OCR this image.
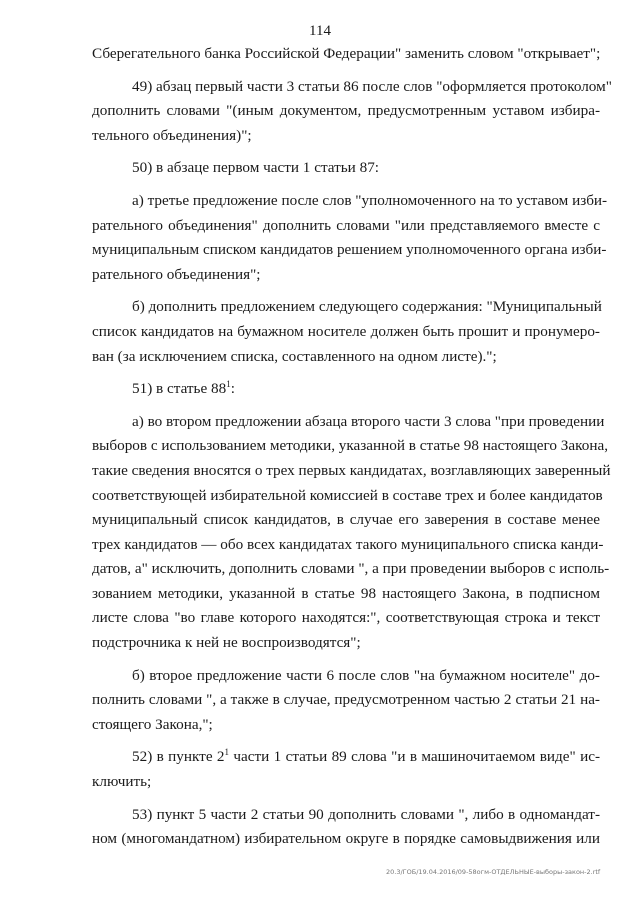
114
Сберегательного банка Российской Федерации" заменить словом "открывает";
49) абзац первый части 3 статьи 86 после слов "оформляется протоколом"
дополнить словами "(иным документом, предусмотренным уставом избира-
тельного объединения)";
50) в абзаце первом части 1 статьи 87:
а) третье предложение после слов "уполномоченного на то уставом изби-
рательного объединения" дополнить словами "или представляемого вместе с
муниципальным списком кандидатов решением уполномоченного органа изби-
рательного объединения";
б) дополнить предложением следующего содержания: "Муниципальный
список кандидатов на бумажном носителе должен быть прошит и пронумеро-
ван (за исключением списка, составленного на одном листе).";
51) в статье $88^1$:
а) во втором предложении абзаца второго части 3 слова "при проведении
выборов с использованием методики, указанной в статье 98 настоящего Закона,
такие сведения вносятся о трех первых кандидатах, возглавляющих заверенный
соответствующей избирательной комиссией в составе трех и более кандидатов
муниципальный список кандидатов, в случае его заверения в составе менее
трех кандидатов — обо всех кандидатах такого муниципального списка канди-
датов, а" исключить, дополнить словами ", а при проведении выборов с исполь-
зованием методики, указанной в статье 98 настоящего Закона, в подписном
листе слова "во главе которого находятся:", соответствующая строка и текст
подстрочника к ней не воспроизводятся";
б) второе предложение части 6 после слов "на бумажном носителе" до-
полнить словами ", а также в случае, предусмотренном частью 2 статьи 21 на-
стоящего Закона,";
52) в пункте $2^1$ части 1 статьи 89 слова "и в машиночитаемом виде" ис-
ключить;
53) пункт 5 части 2 статьи 90 дополнить словами ", либо в одномандат-
ном (многомандатном) избирательном округе в порядке самовыдвижения или
20.3/ГОБ/19.04.2016/09-58огм-ОТДЕЛЬНЫЕ-выборы-закон-2.rtf
